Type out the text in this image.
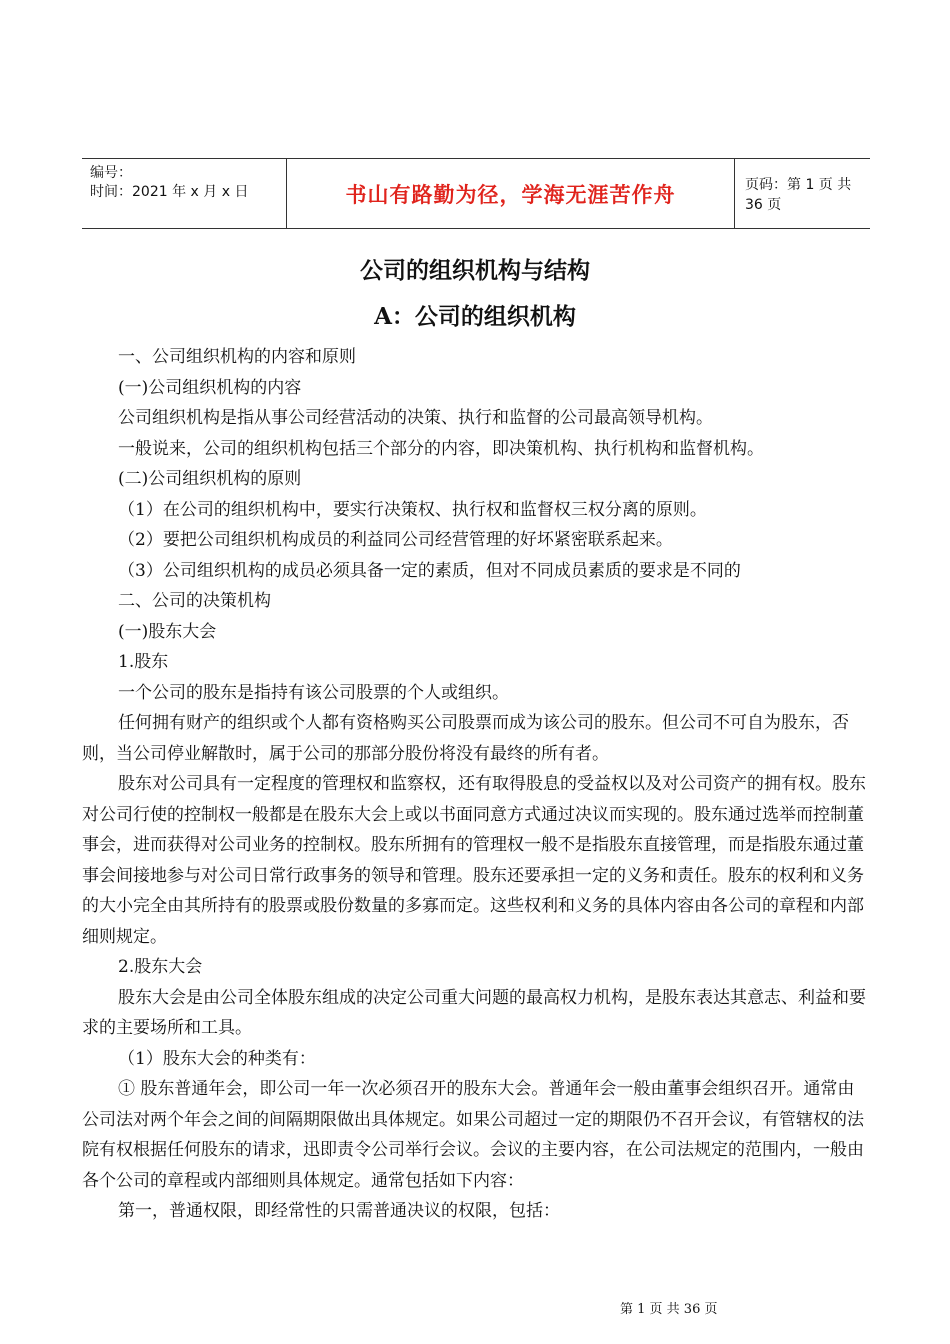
编号：
时间：2021 年 x 月 x 日	书山有路勤为径，学海无涯苦作舟	页码：第 1 页 共 36 页
公司的组织机构与结构
A：公司的组织机构

一、公司组织机构的内容和原则

(一)公司组织机构的内容

公司组织机构是指从事公司经营活动的决策、执行和监督的公司最高领导机构。

一般说来，公司的组织机构包括三个部分的内容，即决策机构、执行机构和监督机构。

(二)公司组织机构的原则

（1）在公司的组织机构中，要实行决策权、执行权和监督权三权分离的原则。

（2）要把公司组织机构成员的利益同公司经营管理的好坏紧密联系起来。

（3）公司组织机构的成员必须具备一定的素质，但对不同成员素质的要求是不同的

二、公司的决策机构

(一)股东大会

1.股东

一个公司的股东是指持有该公司股票的个人或组织。

任何拥有财产的组织或个人都有资格购买公司股票而成为该公司的股东。但公司不可自为股东，否则，当公司停业解散时，属于公司的那部分股份将没有最终的所有者。

股东对公司具有一定程度的管理权和监察权，还有取得股息的受益权以及对公司资产的拥有权。股东对公司行使的控制权一般都是在股东大会上或以书面同意方式通过决议而实现的。股东通过选举而控制董事会，进而获得对公司业务的控制权。股东所拥有的管理权一般不是指股东直接管理，而是指股东通过董事会间接地参与对公司日常行政事务的领导和管理。股东还要承担一定的义务和责任。股东的权利和义务的大小完全由其所持有的股票或股份数量的多寡而定。这些权利和义务的具体内容由各公司的章程和内部细则规定。

2.股东大会

股东大会是由公司全体股东组成的决定公司重大问题的最高权力机构，是股东表达其意志、利益和要求的主要场所和工具。

（1）股东大会的种类有：

① 股东普通年会，即公司一年一次必须召开的股东大会。普通年会一般由董事会组织召开。通常由公司法对两个年会之间的间隔期限做出具体规定。如果公司超过一定的期限仍不召开会议，有管辖权的法院有权根据任何股东的请求，迅即责令公司举行会议。会议的主要内容，在公司法规定的范围内，一般由各个公司的章程或内部细则具体规定。通常包括如下内容：

第一，普通权限，即经常性的只需普通决议的权限，包括：

第 1 页 共 36 页
